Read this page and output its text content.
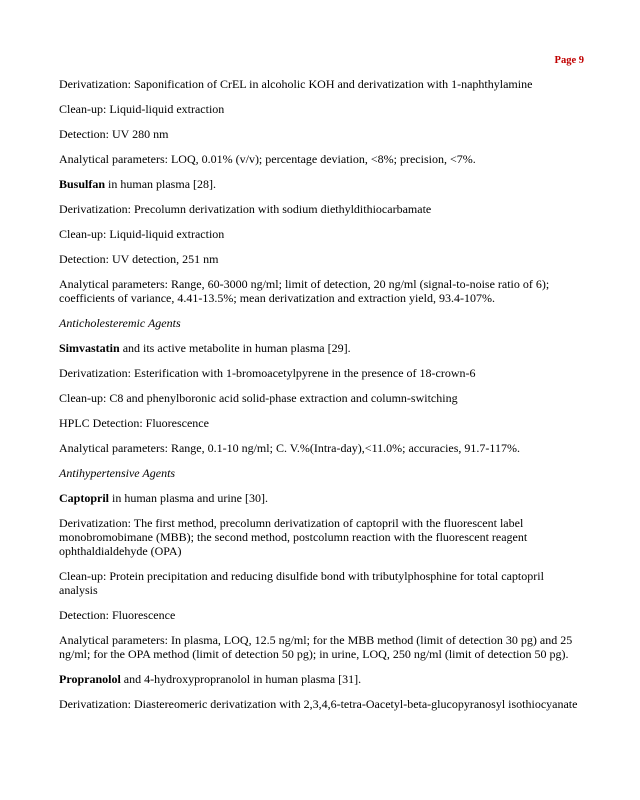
Page 9

Derivatization: Saponification of CrEL in alcoholic KOH and derivatization with 1-naphthylamine

Clean-up: Liquid-liquid extraction

Detection: UV 280 nm

Analytical parameters: LOQ, 0.01% (v/v); percentage deviation, <8%; precision, <7%.

Busulfan in human plasma [28].

Derivatization: Precolumn derivatization with sodium diethyldithiocarbamate

Clean-up: Liquid-liquid extraction

Detection: UV detection, 251 nm

Analytical parameters: Range, 60-3000 ng/ml; limit of detection, 20 ng/ml (signal-to-noise ratio of 6); coefficients of variance, 4.41-13.5%; mean derivatization and extraction yield, 93.4-107%.

Anticholesteremic Agents

Simvastatin and its active metabolite in human plasma [29].

Derivatization: Esterification with 1-bromoacetylpyrene in the presence of 18-crown-6

Clean-up: C8 and phenylboronic acid solid-phase extraction and column-switching

HPLC Detection: Fluorescence

Analytical parameters: Range, 0.1-10 ng/ml; C. V.%(Intra-day),<11.0%; accuracies, 91.7-117%.

Antihypertensive Agents

Captopril in human plasma and urine [30].

Derivatization: The first method, precolumn derivatization of captopril with the fluorescent label monobromobimane (MBB); the second method, postcolumn reaction with the fluorescent reagent ophthaldialdehyde (OPA)

Clean-up: Protein precipitation and reducing disulfide bond with tributylphosphine for total captopril analysis

Detection: Fluorescence

Analytical parameters: In plasma, LOQ, 12.5 ng/ml; for the MBB method (limit of detection 30 pg) and 25 ng/ml; for the OPA method (limit of detection 50 pg); in urine, LOQ, 250 ng/ml (limit of detection 50 pg).

Propranolol and 4-hydroxypropranolol in human plasma [31].

Derivatization: Diastereomeric derivatization with 2,3,4,6-tetra-Oacetyl-beta-glucopyranosyl isothiocyanate
